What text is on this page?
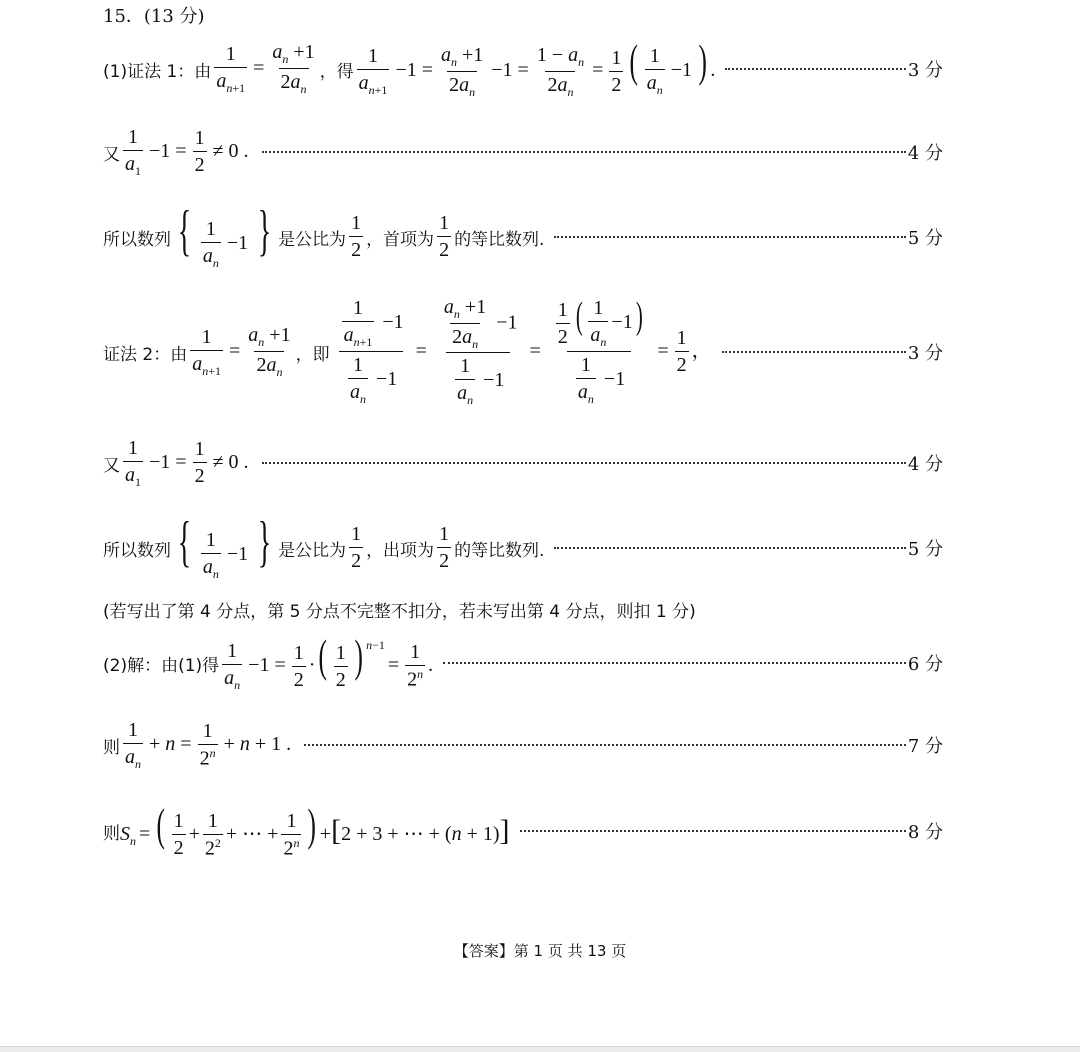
15．(13 分)
(1)证法 1：由 $\frac{1}{a_{n+1}} = \frac{a_n +1}{2a_n}$ ，得 $\frac{1}{a_{n+1}} -1 = \frac{a_n +1}{2a_n} -1 = \frac{1 - a_n}{2a_n} = \frac{1}{2}$ ( $\frac{1}{a_n} -1$ ) .	3 分
又 $\frac{1}{a_1} -1 = \frac{1}{2} \ne 0$ .	4 分
所以数列 { $\frac{1}{a_n} -1$ } 是公比为 $\frac{1}{2}$ ，首项为 $\frac{1}{2}$ 的等比数列.	5 分
证法 2：由 $\frac{1}{a_{n+1}} = \frac{a_n +1}{2a_n}$ ，即 $\frac{\frac{1}{a_{n+1}} -1}{\frac{1}{a_n} -1} = \frac{\frac{a_n +1}{2a_n} -1}{\frac{1}{a_n} -1} = \frac{\frac{1}{2} ( \frac{1}{a_n} -1)}{\frac{1}{a_n} -1} = \frac{1}{2}$ ，	3 分
又 $\frac{1}{a_1} -1 = \frac{1}{2} \ne 0$ .	4 分
所以数列 { $\frac{1}{a_n} -1$ } 是公比为 $\frac{1}{2}$ ，出项为 $\frac{1}{2}$ 的等比数列.	5 分
(若写出了第 4 分点，第 5 分点不完整不扣分，若未写出第 4 分点，则扣 1 分)
(2)解：由(1)得 $\frac{1}{a_n} -1 = \frac{1}{2}$ ·( $\frac{1}{2}$ ) $^{n-1}= \frac{1}{2^n}$ .	6 分
则 $\frac{1}{a_n} + n = \frac{1}{2^n} + n + 1$ .	7 分
则 $S_n$ = ( $\frac{1}{2} + \frac{1}{2^2}$ + ⋯ + $\frac{1}{2^n}$ ) +[2 + 3 + ⋯ + (n + 1)]	8 分
【答案】第 1 页 共 13 页
